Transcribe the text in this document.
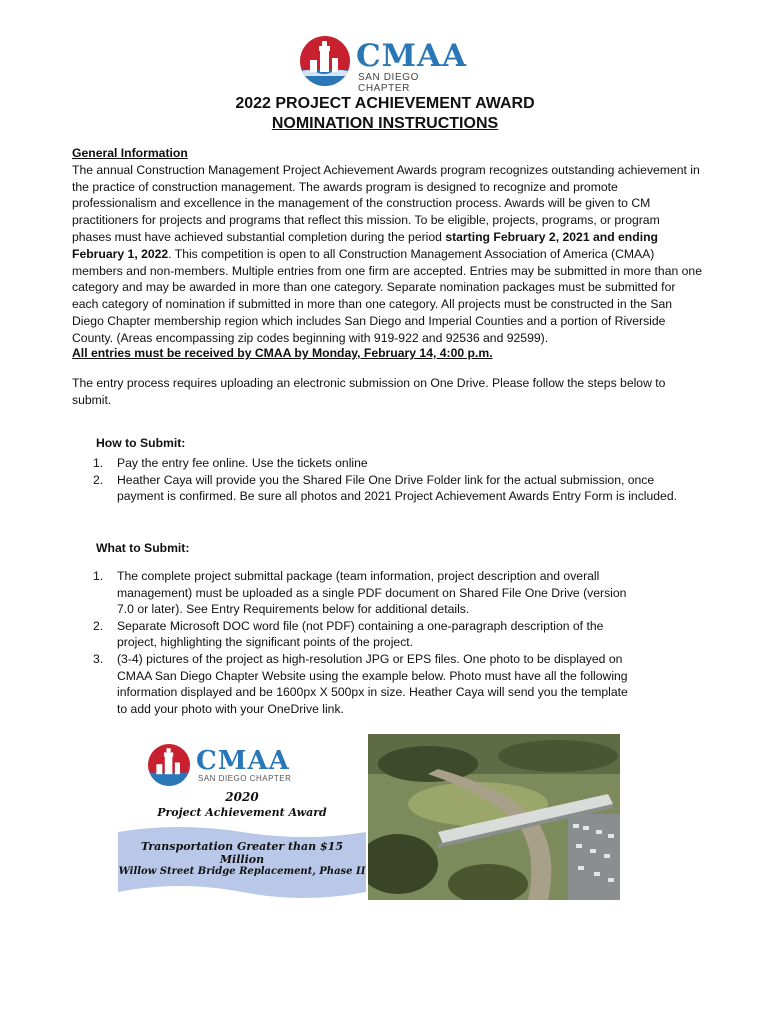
CMAA
SAN DIEGO CHAPTER
2022 PROJECT ACHIEVEMENT AWARD
NOMINATION INSTRUCTIONS
General Information
The annual Construction Management Project Achievement Awards program recognizes outstanding achievement in the practice of construction management. The awards program is designed to recognize and promote professionalism and excellence in the management of the construction process. Awards will be given to CM practitioners for projects and programs that reflect this mission. To be eligible, projects, programs, or program phases must have achieved substantial completion during the period starting February 2, 2021 and ending February 1, 2022. This competition is open to all Construction Management Association of America (CMAA) members and non-members. Multiple entries from one firm are accepted. Entries may be submitted in more than one category and may be awarded in more than one category. Separate nomination packages must be submitted for each category of nomination if submitted in more than one category. All projects must be constructed in the San Diego Chapter membership region which includes San Diego and Imperial Counties and a portion of Riverside County. (Areas encompassing zip codes beginning with 919-922 and 92536 and 92599).
All entries must be received by CMAA by Monday, February 14, 4:00 p.m.
The entry process requires uploading an electronic submission on One Drive. Please follow the steps below to submit.
How to Submit:
1. Pay the entry fee online. Use the tickets online
2. Heather Caya will provide you the Shared File One Drive Folder link for the actual submission, once payment is confirmed. Be sure all photos and 2021 Project Achievement Awards Entry Form is included.
What to Submit:
1. The complete project submittal package (team information, project description and overall management) must be uploaded as a single PDF document on Shared File One Drive (version 7.0 or later). See Entry Requirements below for additional details.
2. Separate Microsoft DOC word file (not PDF) containing a one-paragraph description of the project, highlighting the significant points of the project.
3. (3-4) pictures of the project as high-resolution JPG or EPS files. One photo to be displayed on CMAA San Diego Chapter Website using the example below. Photo must have all the following information displayed and be 1600px X 500px in size. Heather Caya will send you the template to add your photo with your OneDrive link.
CMAA
SAN DIEGO CHAPTER
2020
Project Achievement Award
Transportation Greater than $15 Million
Willow Street Bridge Replacement, Phase II
